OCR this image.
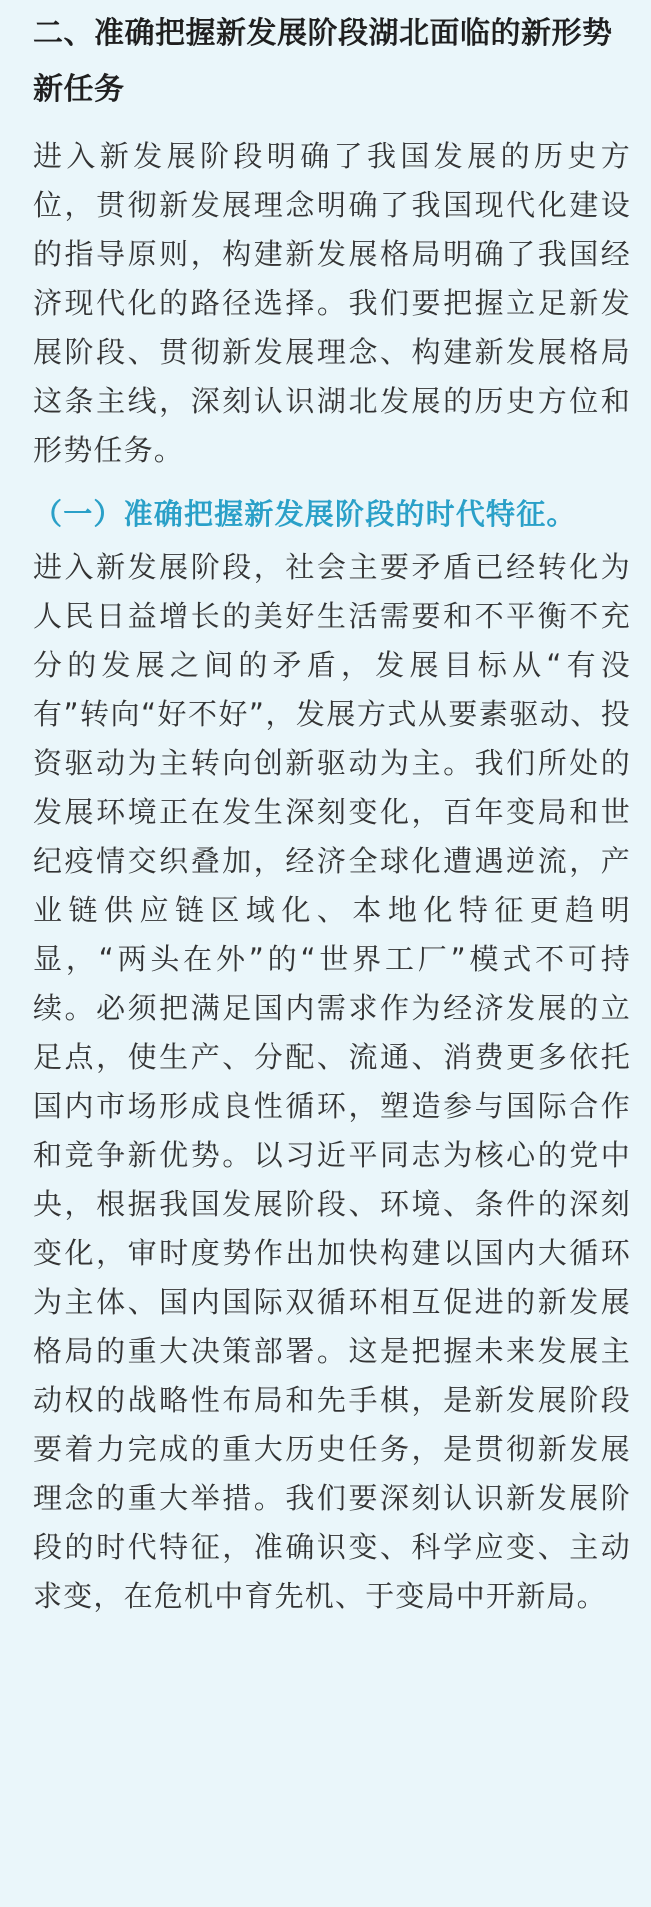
二、准确把握新发展阶段湖北面临的新形势新任务

进入新发展阶段明确了我国发展的历史方位，贯彻新发展理念明确了我国现代化建设的指导原则，构建新发展格局明确了我国经济现代化的路径选择。我们要把握立足新发展阶段、贯彻新发展理念、构建新发展格局这条主线，深刻认识湖北发展的历史方位和形势任务。

（一）准确把握新发展阶段的时代特征。

进入新发展阶段，社会主要矛盾已经转化为人民日益增长的美好生活需要和不平衡不充分的发展之间的矛盾，发展目标从“有没有”转向“好不好”，发展方式从要素驱动、投资驱动为主转向创新驱动为主。我们所处的发展环境正在发生深刻变化，百年变局和世纪疫情交织叠加，经济全球化遭遇逆流，产业链供应链区域化、本地化特征更趋明显，“两头在外”的“世界工厂”模式不可持续。必须把满足国内需求作为经济发展的立足点，使生产、分配、流通、消费更多依托国内市场形成良性循环，塑造参与国际合作和竞争新优势。以习近平同志为核心的党中央，根据我国发展阶段、环境、条件的深刻变化，审时度势作出加快构建以国内大循环为主体、国内国际双循环相互促进的新发展格局的重大决策部署。这是把握未来发展主动权的战略性布局和先手棋，是新发展阶段要着力完成的重大历史任务，是贯彻新发展理念的重大举措。我们要深刻认识新发展阶段的时代特征，准确识变、科学应变、主动求变，在危机中育先机、于变局中开新局。
